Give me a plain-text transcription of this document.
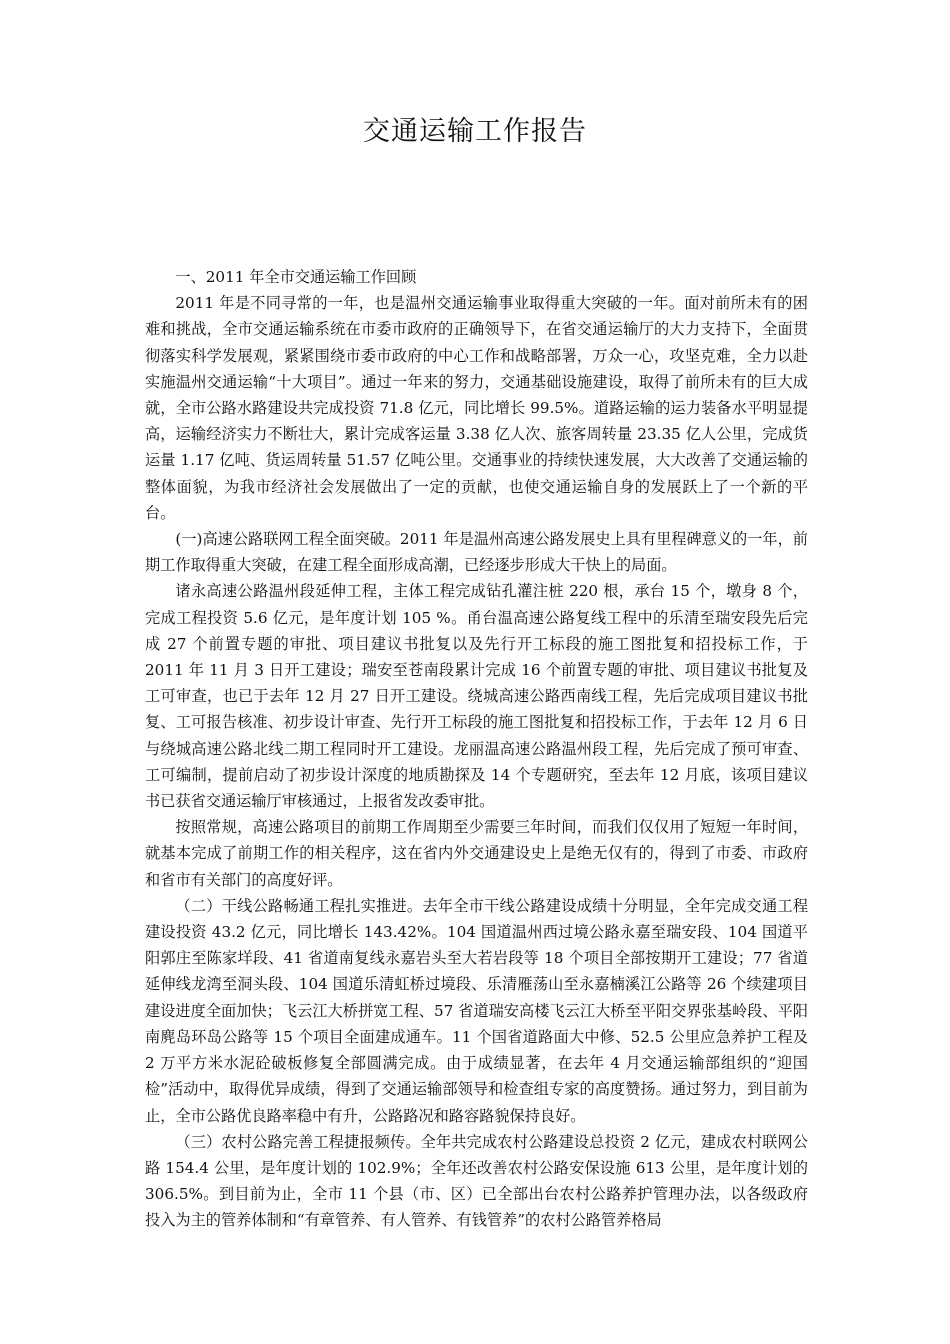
交通运输工作报告

一、2011 年全市交通运输工作回顾

2011 年是不同寻常的一年，也是温州交通运输事业取得重大突破的一年。面对前所未有的困难和挑战，全市交通运输系统在市委市政府的正确领导下，在省交通运输厅的大力支持下，全面贯彻落实科学发展观，紧紧围绕市委市政府的中心工作和战略部署，万众一心，攻坚克难，全力以赴实施温州交通运输“十大项目”。通过一年来的努力，交通基础设施建设，取得了前所未有的巨大成就，全市公路水路建设共完成投资 71.8 亿元，同比增长 99.5%。道路运输的运力装备水平明显提高，运输经济实力不断壮大，累计完成客运量 3.38 亿人次、旅客周转量 23.35 亿人公里，完成货运量 1.17 亿吨、货运周转量 51.57 亿吨公里。交通事业的持续快速发展，大大改善了交通运输的整体面貌，为我市经济社会发展做出了一定的贡献，也使交通运输自身的发展跃上了一个新的平台。

(一)高速公路联网工程全面突破。2011 年是温州高速公路发展史上具有里程碑意义的一年，前期工作取得重大突破，在建工程全面形成高潮，已经逐步形成大干快上的局面。

诸永高速公路温州段延伸工程，主体工程完成钻孔灌注桩 220 根，承台 15 个，墩身 8 个，完成工程投资 5.6 亿元，是年度计划 105 %。甬台温高速公路复线工程中的乐清至瑞安段先后完成 27 个前置专题的审批、项目建议书批复以及先行开工标段的施工图批复和招投标工作，于 2011 年 11 月 3 日开工建设；瑞安至苍南段累计完成 16 个前置专题的审批、项目建议书批复及工可审查，也已于去年 12 月 27 日开工建设。绕城高速公路西南线工程，先后完成项目建议书批复、工可报告核准、初步设计审查、先行开工标段的施工图批复和招投标工作，于去年 12 月 6 日与绕城高速公路北线二期工程同时开工建设。龙丽温高速公路温州段工程，先后完成了预可审查、工可编制，提前启动了初步设计深度的地质勘探及 14 个专题研究，至去年 12 月底，该项目建议书已获省交通运输厅审核通过，上报省发改委审批。

按照常规，高速公路项目的前期工作周期至少需要三年时间，而我们仅仅用了短短一年时间，就基本完成了前期工作的相关程序，这在省内外交通建设史上是绝无仅有的，得到了市委、市政府和省市有关部门的高度好评。

（二）干线公路畅通工程扎实推进。去年全市干线公路建设成绩十分明显，全年完成交通工程建设投资 43.2 亿元，同比增长 143.42%。104 国道温州西过境公路永嘉至瑞安段、104 国道平阳郭庄至陈家垟段、41 省道南复线永嘉岩头至大若岩段等 18 个项目全部按期开工建设；77 省道延伸线龙湾至洞头段、104 国道乐清虹桥过境段、乐清雁荡山至永嘉楠溪江公路等 26 个续建项目建设进度全面加快；飞云江大桥拼宽工程、57 省道瑞安高楼飞云江大桥至平阳交界张基岭段、平阳南麂岛环岛公路等 15 个项目全面建成通车。11 个国省道路面大中修、52.5 公里应急养护工程及 2 万平方米水泥砼破板修复全部圆满完成。由于成绩显著，在去年 4 月交通运输部组织的“迎国检”活动中，取得优异成绩，得到了交通运输部领导和检查组专家的高度赞扬。通过努力，到目前为止，全市公路优良路率稳中有升，公路路况和路容路貌保持良好。

（三）农村公路完善工程捷报频传。全年共完成农村公路建设总投资 2 亿元，建成农村联网公路 154.4 公里，是年度计划的 102.9%；全年还改善农村公路安保设施 613 公里，是年度计划的 306.5%。到目前为止，全市 11 个县（市、区）已全部出台农村公路养护管理办法，以各级政府投入为主的管养体制和“有章管养、有人管养、有钱管养”的农村公路管养格局
